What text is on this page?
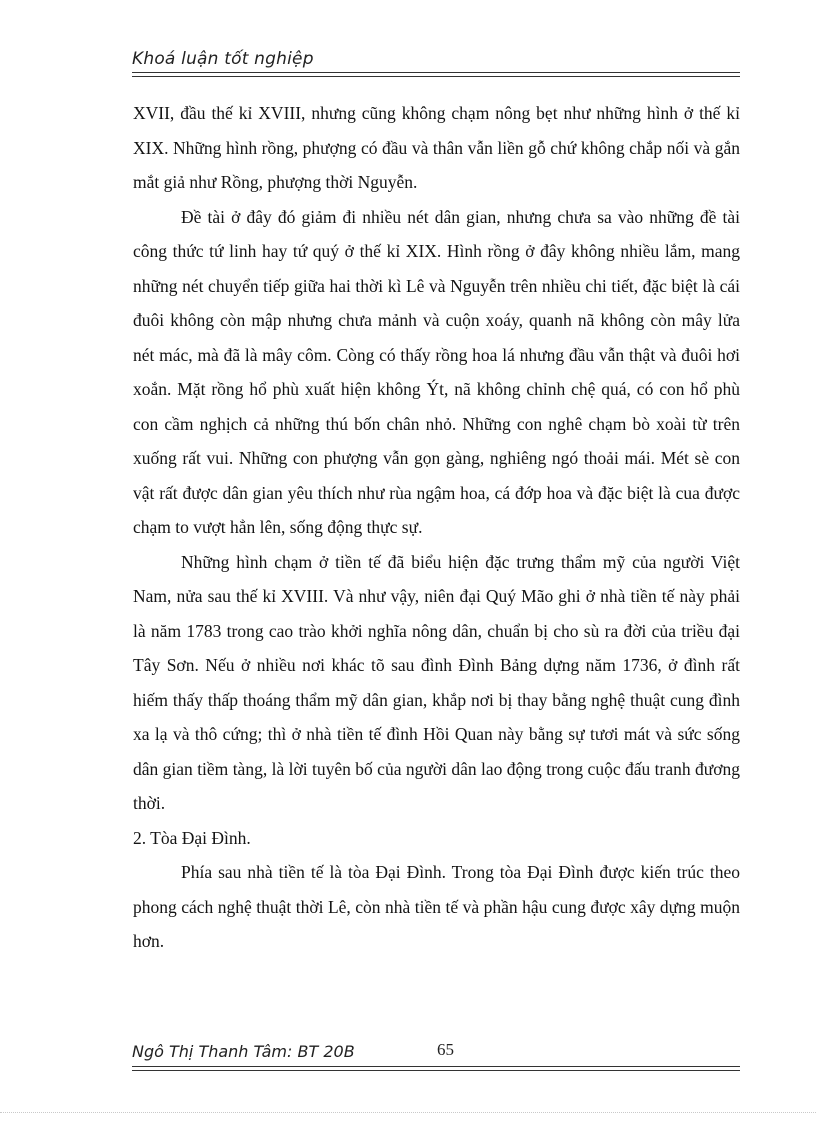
Khoá luận tốt nghiệp

XVII, đầu thế kỉ XVIII, nhưng cũng không chạm nông bẹt như những hình ở thế kỉ XIX. Những hình rồng, phượng có đầu và thân vẫn liền gỗ chứ không chắp nối và gắn mắt giả như Rồng, phượng thời Nguyễn.

Đề tài ở đây đó giảm đi nhiều nét dân gian, nhưng chưa sa vào những đề tài công thức tứ linh hay tứ quý ở thế kỉ XIX. Hình rồng ở đây không nhiều lắm, mang những nét chuyển tiếp giữa hai thời kì Lê và Nguyễn trên nhiều chi tiết, đặc biệt là cái đuôi không còn mập nhưng chưa mảnh và cuộn xoáy, quanh nã không còn mây lửa nét mác, mà đã là mây côm. Còng có thấy rồng hoa lá nhưng đầu vẫn thật và đuôi hơi xoắn. Mặt rồng hổ phù xuất hiện không Ýt, nã không chỉnh chệ quá, có con hổ phù con cầm nghịch cả những thú bốn chân nhỏ. Những con nghê chạm bò xoài từ trên xuống rất vui. Những con phượng vẫn gọn gàng, nghiêng ngó thoải mái. Mét sè con vật rất được dân gian yêu thích như rùa ngậm hoa, cá đớp hoa và đặc biệt là cua được chạm to vượt hẳn lên, sống động thực sự.

Những hình chạm ở tiền tế đã biểu hiện đặc trưng thẩm mỹ của người Việt Nam, nửa sau thế kỉ XVIII. Và như vậy, niên đại Quý Mão ghi ở nhà tiền tế này phải là năm 1783 trong cao trào khởi nghĩa nông dân, chuẩn bị cho sù ra đời của triều đại Tây Sơn. Nếu ở nhiều nơi khác tõ sau đình Đình Bảng dựng năm 1736, ở đình rất hiếm thấy thấp thoáng thẩm mỹ dân gian, khắp nơi bị thay bằng nghệ thuật cung đình xa lạ và thô cứng; thì ở nhà tiền tế đình Hồi Quan này bằng sự tươi mát và sức sống dân gian tiềm tàng, là lời tuyên bố của người dân lao động trong cuộc đấu tranh đương thời.

2. Tòa Đại Đình.

Phía sau nhà tiền tế là tòa Đại Đình. Trong tòa Đại Đình được kiến trúc theo phong cách nghệ thuật thời Lê, còn nhà tiền tế và phần hậu cung được xây dựng muộn hơn.

Ngô Thị Thanh Tâm: BT 20B	65
